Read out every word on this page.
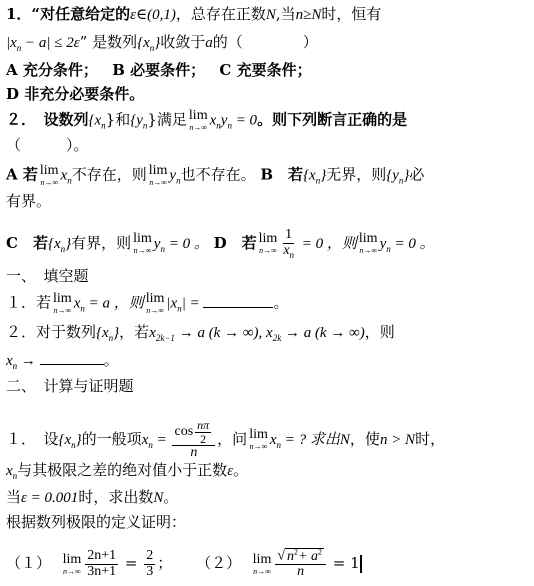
1．“对任意给定的ε∈(0,1)，总存在正数N,当n≥N时，恒有
$|x_n - a| \le 2\varepsilon$” 是数列$\{x_n\}$收敛于a的（　　　　）
A 充分条件； B 必要条件； C 充要条件；
D 非充分必要条件。
２．　设数列$\{x_n\}$和$\{y_n\}$满足 lim
n→∞ $x_ny_n = 0$。则下列断言正确的是
（　　　）。
A 若 lim
n→∞ $x_n$不存在，则 lim
n→∞ $y_n$也不存在。 B　若$\{x_n\}$无界，则$\{y_n\}$必
有界。
C　若$\{x_n\}$有界，则 lim
n→∞ $y_n = 0$ 。 D　若 lim
$n\to\infty \frac{1}{x_n} = 0$ ，则 lim
n→∞ $y_n = 0$ 。
一、　填空题
１．若 lim
n→∞ $x_n = a$ ，则 lim
n→∞ $|x_n|$ =	。
２．对于数列$\{x_n\}$，若$x_{2k-1} \to a$ (k → ∞), $x_{2k} \to a$ (k → ∞)，则
$x_n$ →	。
二、　计算与证明题
１．　设$\{x_n\}$的一般项$x_n = \frac{\cos \frac{n\pi}{2}}{n}$ ，问 lim
n→∞ $x_n$ = ? 求出N，使n > N时，
$x_n$与其极限之差的绝对值小于正数ε。
当ε = 0.001时，求出数N。
根据数列极限的定义证明：
（１） lim
$n\to\infty \frac{2n+1}{3n+1} = \frac{2}{3}$ ； （２） lim
$n\to\infty \frac{√ n^2+ a^2}{n} = 1$
